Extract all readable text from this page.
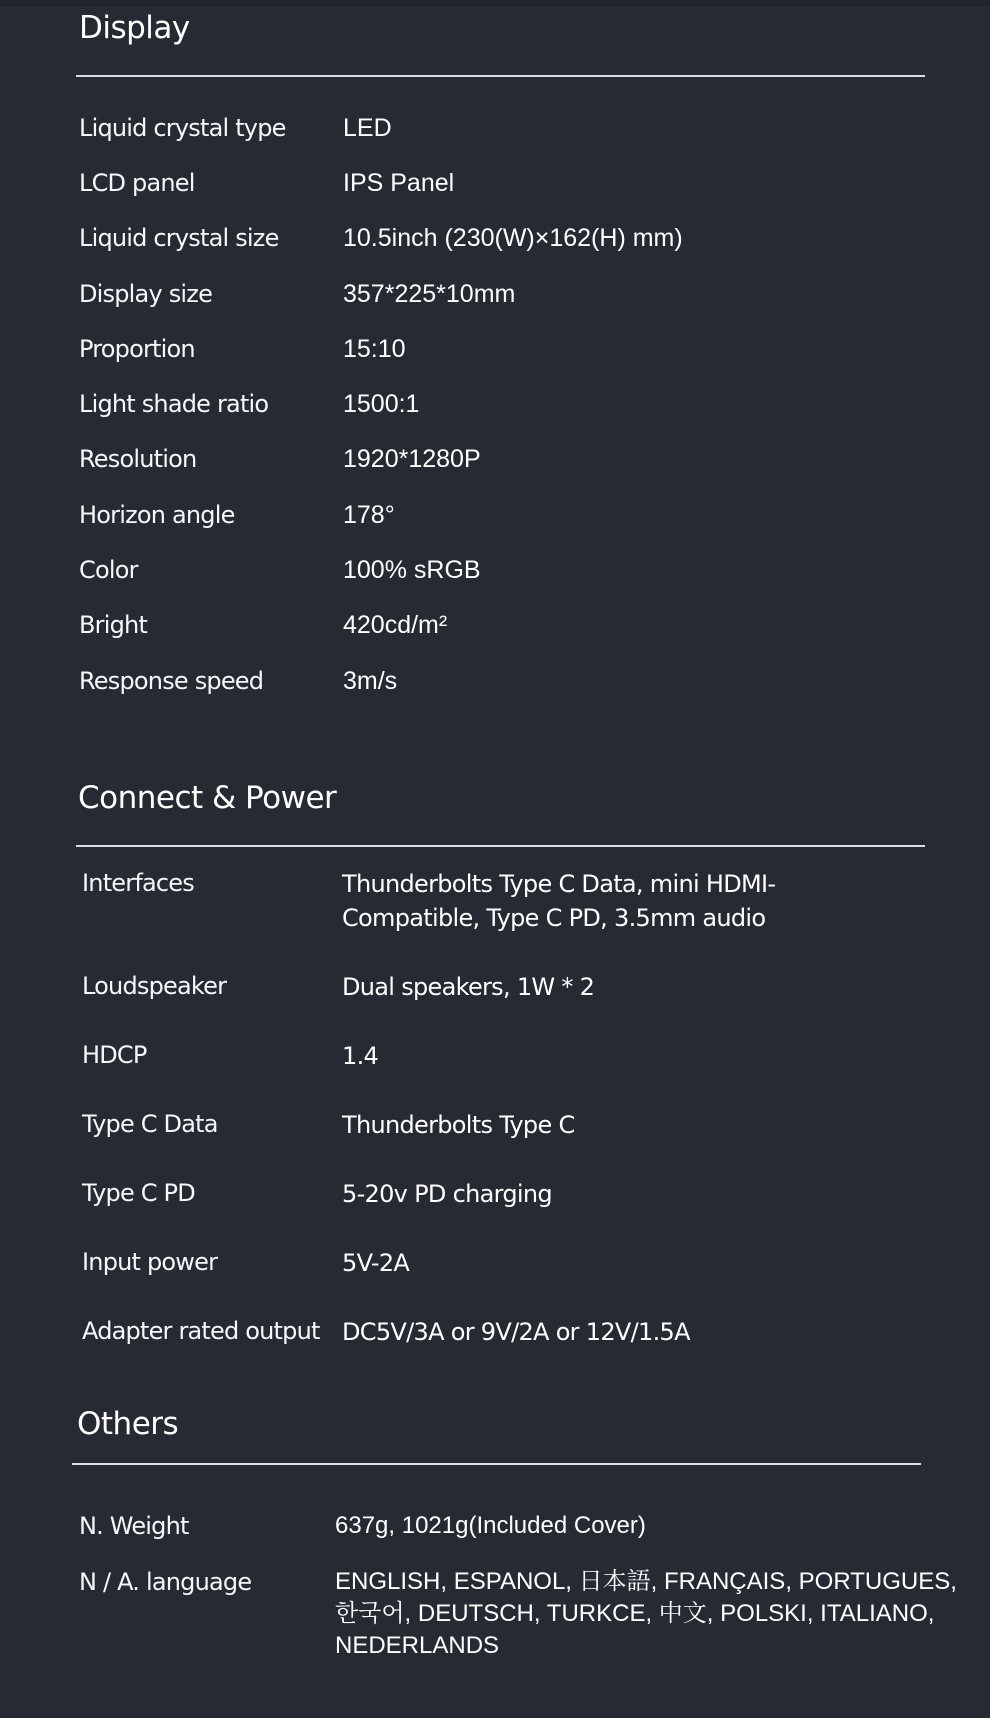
Display
Liquid crystal type LED
LCD panel	IPS Panel
Liquid crystal size	10.5inch (230(W)×162(H) mm)
Display size	357*225*10mm
Proportion	15:10
Light shade ratio	1500:1
Resolution	1920*1280P
Horizon angle	178°
Color	100% sRGB
Bright	420cd/m²
Response speed	3m/s
Connect & Power
Interfaces	Thunderbolts Type C Data, mini HDMI-Compatible, Type C PD, 3.5mm audio
Loudspeaker	Dual speakers, 1W * 2
HDCP	1.4
Type C Data	Thunderbolts Type C
Type C PD	5-20v PD charging
Input power	5V-2A
Adapter rated output DC5V/3A or 9V/2A or 12V/1.5A
Others
N. Weight	637g, 1021g(Included Cover)
N / A. language	ENGLISH, ESPANOL, 日本語, FRANÇAIS, PORTUGUES, 한국어, DEUTSCH, TURKCE, 中文, POLSKI, ITALIANO, NEDERLANDS
